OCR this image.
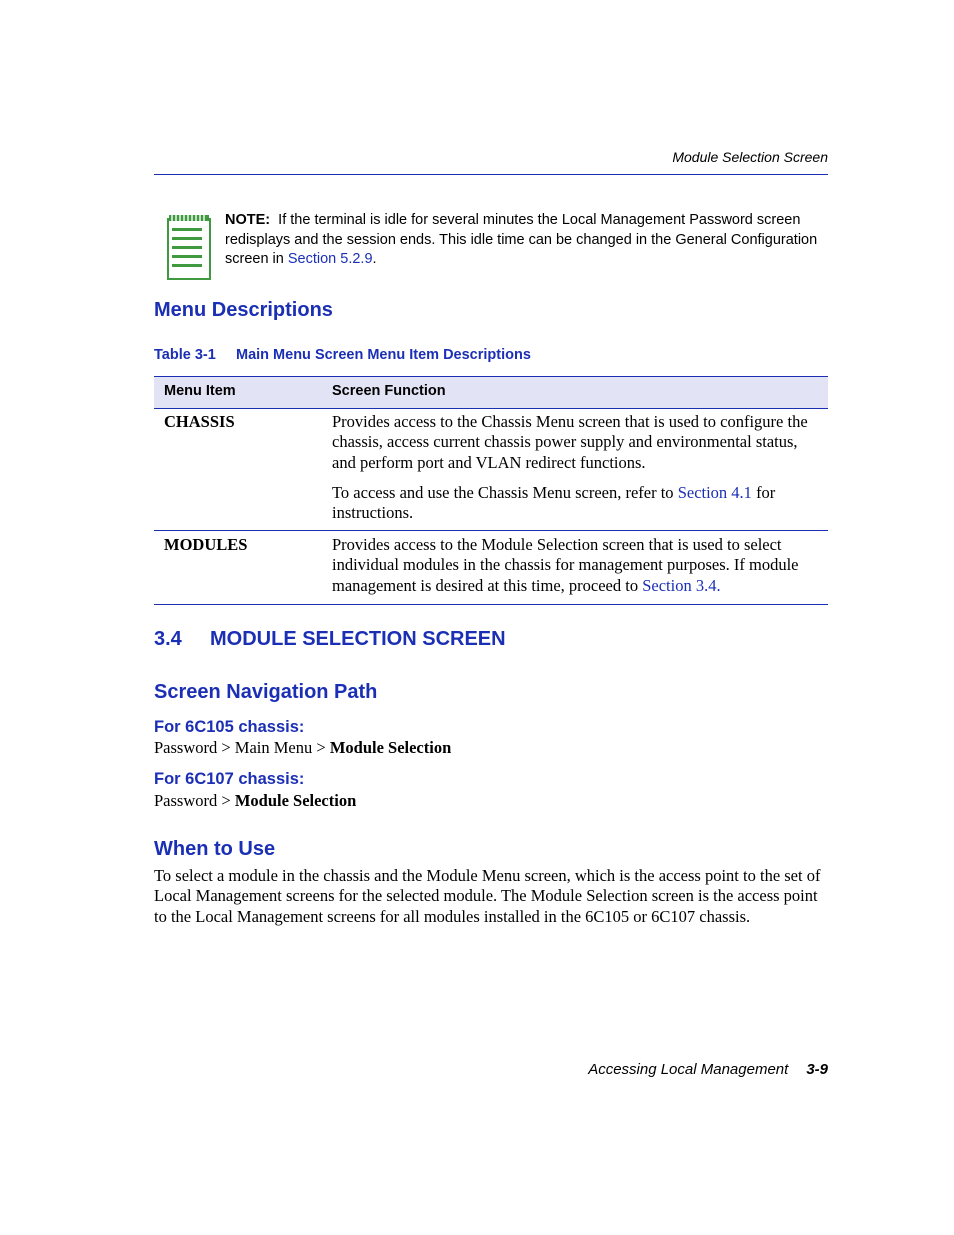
Module Selection Screen
NOTE: If the terminal is idle for several minutes the Local Management Password screen redisplays and the session ends. This idle time can be changed in the General Configuration screen in Section 5.2.9.
Menu Descriptions
Table 3-1 Main Menu Screen Menu Item Descriptions
Menu Item	Screen Function
CHASSIS	Provides access to the Chassis Menu screen that is used to configure the chassis, access current chassis power supply and environmental status, and perform port and VLAN redirect functions.
To access and use the Chassis Menu screen, refer to Section 4.1 for instructions.
MODULES	Provides access to the Module Selection screen that is used to select individual modules in the chassis for management purposes. If module management is desired at this time, proceed to Section 3.4.
3.4 MODULE SELECTION SCREEN
Screen Navigation Path
For 6C105 chassis:
Password > Main Menu > Module Selection
For 6C107 chassis:
Password > Module Selection
When to Use
To select a module in the chassis and the Module Menu screen, which is the access point to the set of Local Management screens for the selected module. The Module Selection screen is the access point to the Local Management screens for all modules installed in the 6C105 or 6C107 chassis.
Accessing Local Management 3-9
